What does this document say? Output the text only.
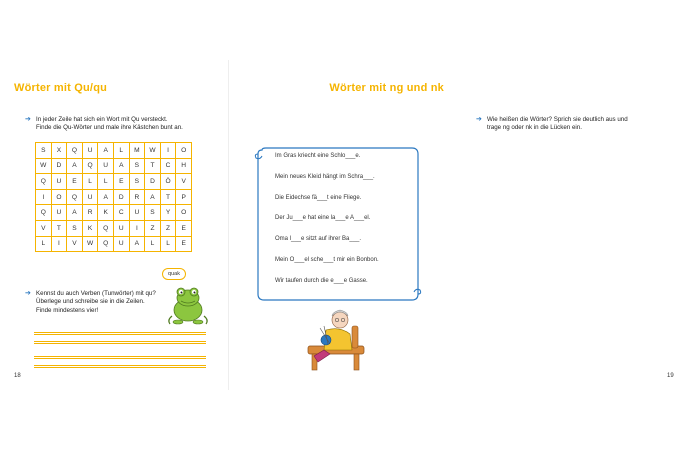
Wörter mit Qu/qu
➔ In jeder Zeile hat sich ein Wort mit Qu versteckt.
Finde die Qu-Wörter und male ihre Kästchen bunt an.
S	X	Q	U	A	L	M	W	I	O
W	D	A	Q	U	A	S	T	C	H
Q	U	E	L	L	E	S	D	Ö	V
I	O	Q	U	A	D	R	A	T	P
Q	U	A	R	K	C	U	S	Y	O
V	T	S	K	Q	U	I	Z	Z	E
L	I	V	W	Q	U	A	L	L	E
➔ Kennst du auch Verben (Tunwörter) mit qu?
Überlege und schreibe sie in die Zeilen.
Finde mindestens vier!
quak
18
Wörter mit ng und nk
➔ Wie heißen die Wörter? Sprich sie deutlich aus und
trage ng oder nk in die Lücken ein.
19
Im Gras kriecht eine Schlo___e.
Mein neues Kleid hängt im Schra___.
Die Eidechse fä___t eine Fliege.
Der Ju___e hat eine la___e A___el.
Oma l___e sitzt auf ihrer Ba___.
Mein O___el sche___t mir ein Bonbon.
Wir taufen durch die e___e Gasse.
